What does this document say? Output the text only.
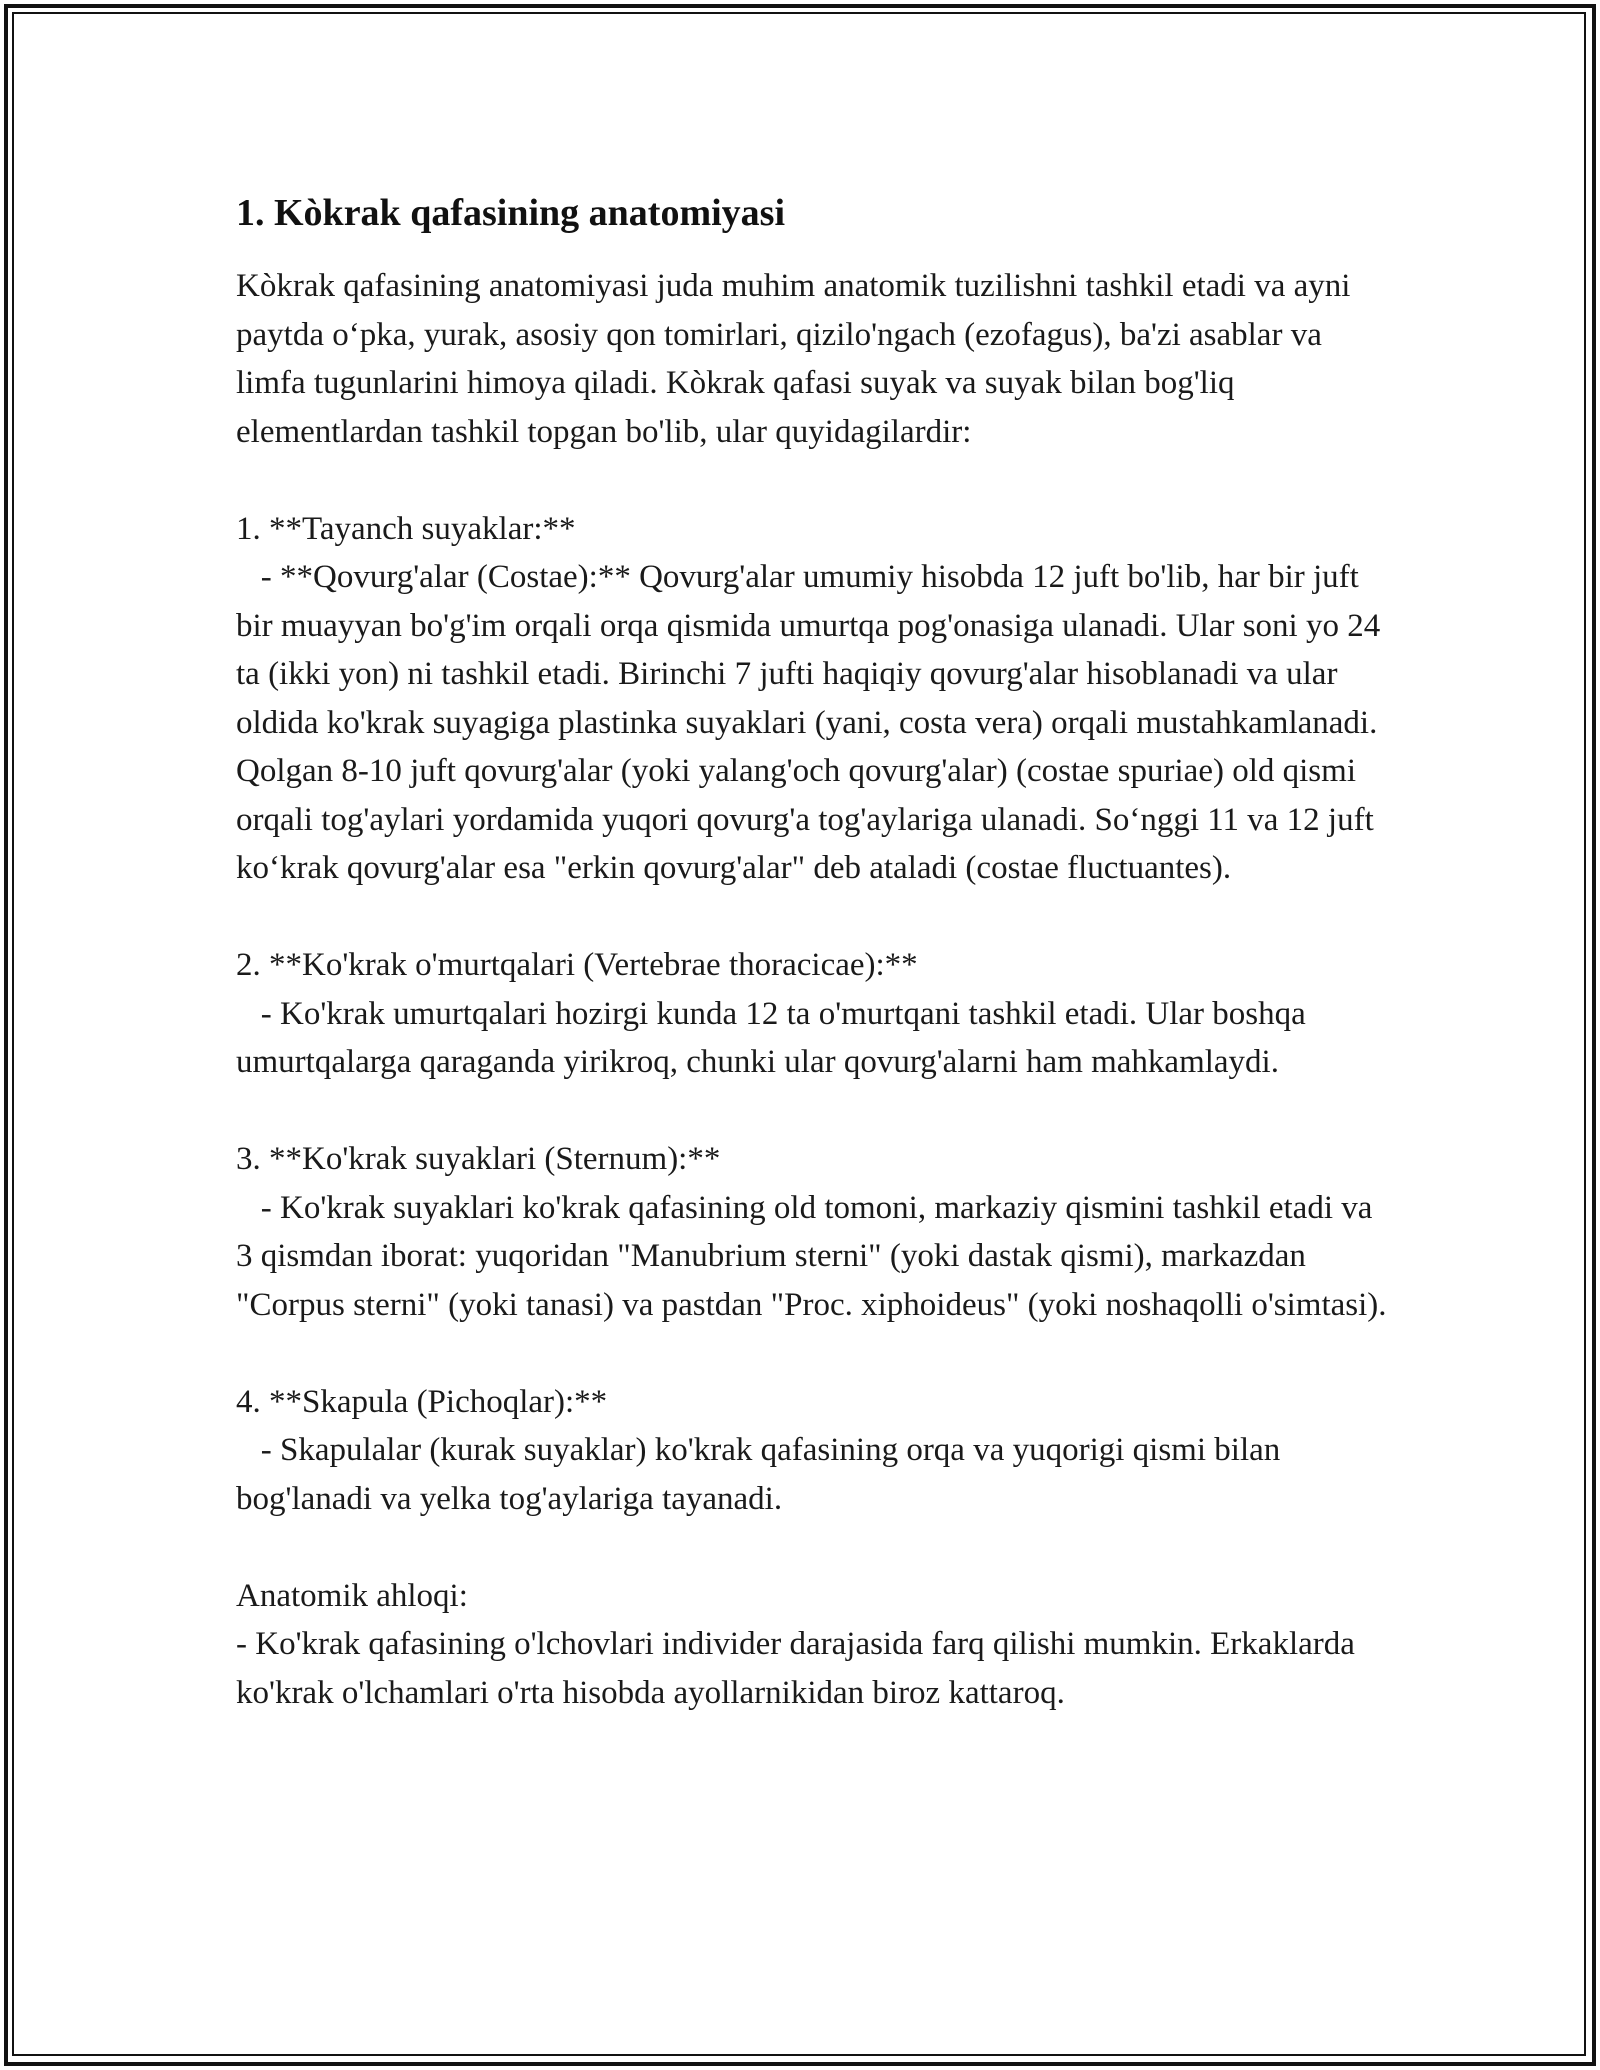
1. Kòkrak qafasining anatomiyasi

Kòkrak qafasining anatomiyasi juda muhim anatomik tuzilishni tashkil etadi va ayni paytda o‘pka, yurak, asosiy qon tomirlari, qizilo'ngach (ezofagus), ba'zi asablar va limfa tugunlarini himoya qiladi. Kòkrak qafasi suyak va suyak bilan bog'liq elementlardan tashkil topgan bo'lib, ular quyidagilardir:

1. **Tayanch suyaklar:**

- **Qovurg'alar (Costae):** Qovurg'alar umumiy hisobda 12 juft bo'lib, har bir juft bir muayyan bo'g'im orqali orqa qismida umurtqa pog'onasiga ulanadi. Ular soni yo 24 ta (ikki yon) ni tashkil etadi. Birinchi 7 jufti haqiqiy qovurg'alar hisoblanadi va ular oldida ko'krak suyagiga plastinka suyaklari (yani, costa vera) orqali mustahkamlanadi. Qolgan 8-10 juft qovurg'alar (yoki yalang'och qovurg'alar) (costae spuriae) old qismi orqali tog'aylari yordamida yuqori qovurg'a tog'aylariga ulanadi. So‘nggi 11 va 12 juft ko‘krak qovurg'alar esa "erkin qovurg'alar" deb ataladi (costae fluctuantes).

2. **Ko'krak o'murtqalari (Vertebrae thoracicae):**

- Ko'krak umurtqalari hozirgi kunda 12 ta o'murtqani tashkil etadi. Ular boshqa umurtqalarga qaraganda yirikroq, chunki ular qovurg'alarni ham mahkamlaydi.

3. **Ko'krak suyaklari (Sternum):**

- Ko'krak suyaklari ko'krak qafasining old tomoni, markaziy qismini tashkil etadi va 3 qismdan iborat: yuqoridan "Manubrium sterni" (yoki dastak qismi), markazdan "Corpus sterni" (yoki tanasi) va pastdan "Proc. xiphoideus" (yoki noshaqolli o'simtasi).

4. **Skapula (Pichoqlar):**

- Skapulalar (kurak suyaklar) ko'krak qafasining orqa va yuqorigi qismi bilan bog'lanadi va yelka tog'aylariga tayanadi.

Anatomik ahloqi:

- Ko'krak qafasining o'lchovlari individer darajasida farq qilishi mumkin. Erkaklarda ko'krak o'lchamlari o'rta hisobda ayollarnikidan biroz kattaroq.
